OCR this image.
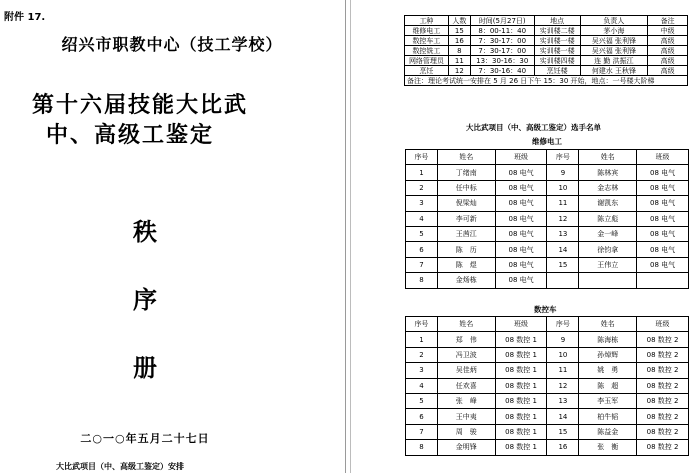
附件 17.
绍兴市职教中心（技工学校）
第十六届技能大比武
中、高级工鉴定
秩
序
册
二○一○年五月二十七日
大比武项目（中、高级工鉴定）安排
工种	人数	时间(5月27日)	地点	负责人	备注
维修电工	15	8：00-11：40	实训楼二楼	茅小海	中级
数控车工	16	7：30-17：00	实训楼一楼	吴兴福 张利锋	高级
数控铣工	8	7：30-17：00	实训楼一楼	吴兴福 张利锋	高级
网络管理员	11	13：30-16：30	实训楼四楼	连 勤 洪振江	高级
烹饪	12	7：30-16：40	烹饪楼	何建水 王秋锋	高级
备注：理论考试统一安排在 5 月 26 日下午 15：30 开始，地点：一号楼大阶梯					
大比武项目（中、高级工鉴定）选手名单
维修电工
序号	姓名	班级	序号	姓名	班级
1	丁绪南	08 电气	9	陈林宾	08 电气
2	任中标	08 电气	10	金志林	08 电气
3	倪梁灿	08 电气	11	谢凯东	08 电气
4	李可新	08 电气	12	陈立彪	08 电气
5	王茜江	08 电气	13	金一峰	08 电气
6	陈　历	08 电气	14	徐钧拿	08 电气
7	陈　煜	08 电气	15	王伟立	08 电气
8	金炀栋	08 电气			
数控车
序号	姓名	班级	序号	姓名	班级
1	郑　伟	08 数控 1	9	陈海栋	08 数控 2
2	冯卫波	08 数控 1	10	孙焯辉	08 数控 2
3	吴佳炳	08 数控 1	11	姚　勇	08 数控 2
4	任欢喜	08 数控 1	12	陈　超	08 数控 2
5	张　峰	08 数控 1	13	李玉军	08 数控 2
6	王中夷	08 数控 1	14	柏牛韬	08 数控 2
7	周　骏	08 数控 1	15	陈益金	08 数控 2
8	金明锋	08 数控 1	16	张　衡	08 数控 2
